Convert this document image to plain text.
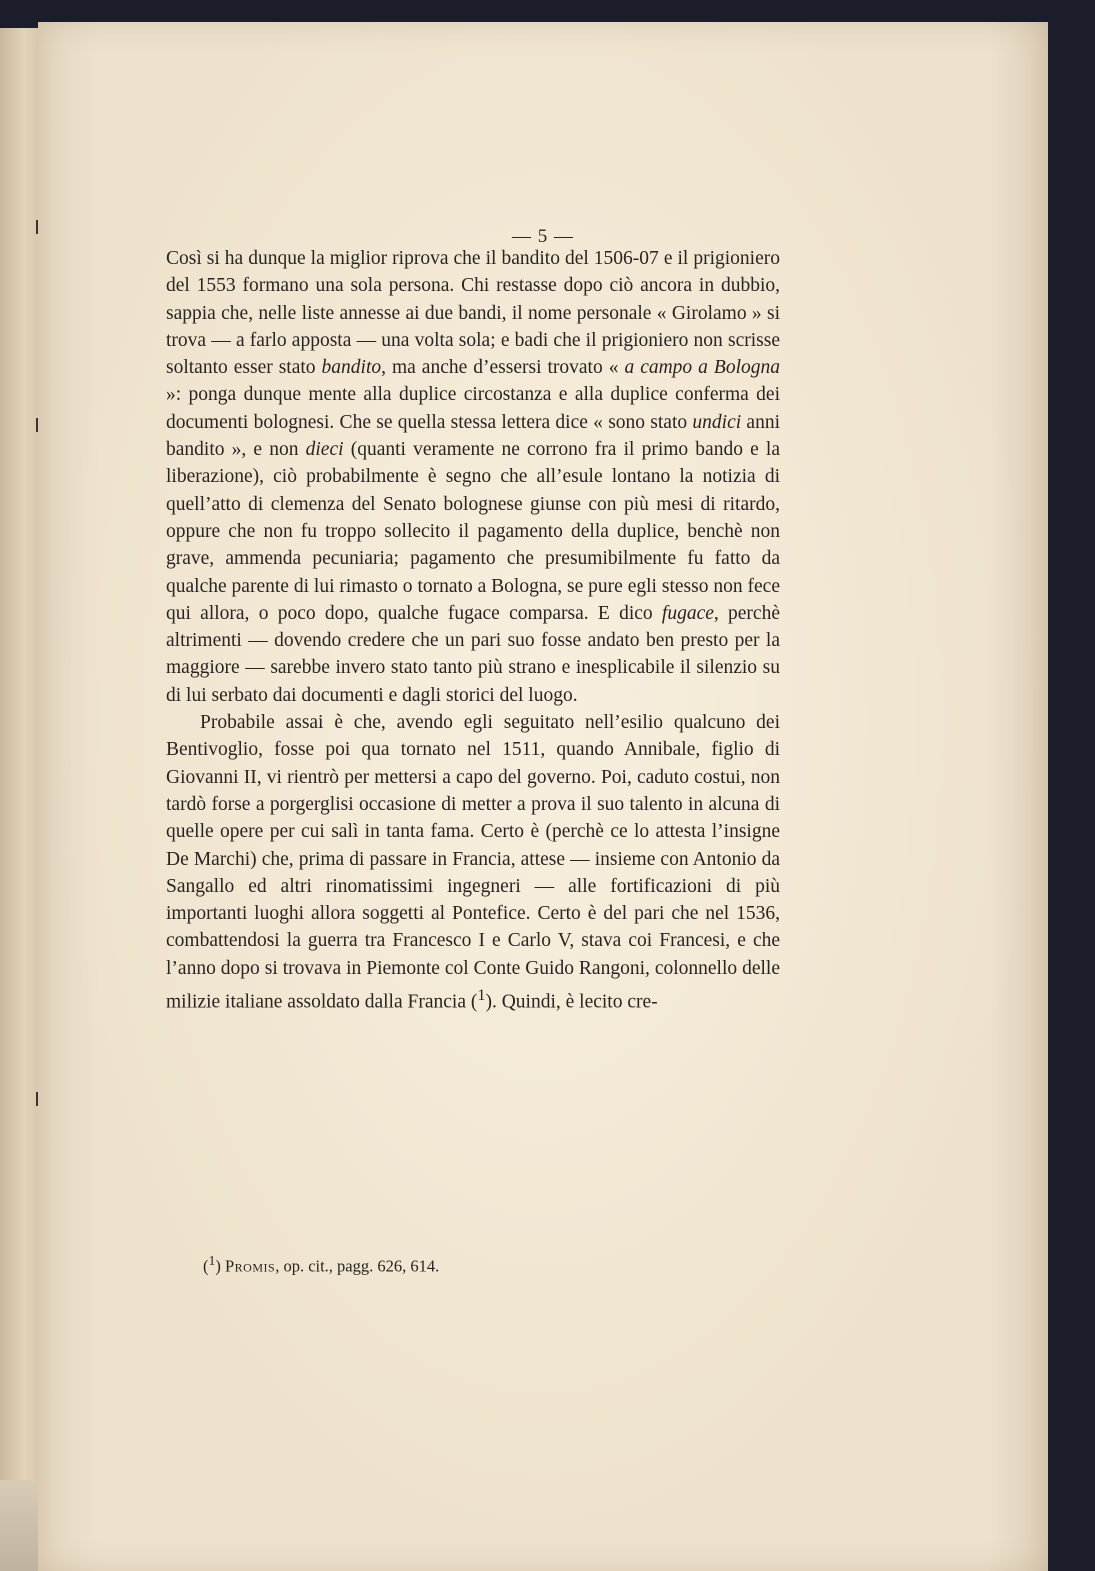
— 5 —

Così si ha dunque la miglior riprova che il bandito del 1506-07 e il prigioniero del 1553 formano una sola persona. Chi restasse dopo ciò ancora in dubbio, sappia che, nelle liste annesse ai due bandi, il nome personale « Girolamo » si trova — a farlo apposta — una volta sola; e badi che il prigioniero non scrisse soltanto esser stato bandito, ma anche d’essersi trovato « a campo a Bologna »: ponga dunque mente alla duplice circostanza e alla duplice conferma dei documenti bolognesi. Che se quella stessa lettera dice « sono stato undici anni bandito », e non dieci (quanti veramente ne corrono fra il primo bando e la liberazione), ciò probabilmente è segno che all’esule lontano la notizia di quell’atto di clemenza del Senato bolognese giunse con più mesi di ritardo, oppure che non fu troppo sollecito il pagamento della duplice, benchè non grave, ammenda pecuniaria; pagamento che presumibilmente fu fatto da qualche parente di lui rimasto o tornato a Bologna, se pure egli stesso non fece qui allora, o poco dopo, qualche fugace comparsa. E dico fugace, perchè altrimenti — dovendo credere che un pari suo fosse andato ben presto per la maggiore — sarebbe invero stato tanto più strano e inesplicabile il silenzio su di lui serbato dai documenti e dagli storici del luogo.

Probabile assai è che, avendo egli seguitato nell’esilio qualcuno dei Bentivoglio, fosse poi qua tornato nel 1511, quando Annibale, figlio di Giovanni II, vi rientrò per mettersi a capo del governo. Poi, caduto costui, non tardò forse a porgerglisi occasione di metter a prova il suo talento in alcuna di quelle opere per cui salì in tanta fama. Certo è (perchè ce lo attesta l’insigne De Marchi) che, prima di passare in Francia, attese — insieme con Antonio da Sangallo ed altri rinomatissimi ingegneri — alle fortificazioni di più importanti luoghi allora soggetti al Pontefice. Certo è del pari che nel 1536, combattendosi la guerra tra Francesco I e Carlo V, stava coi Francesi, e che l’anno dopo si trovava in Piemonte col Conte Guido Rangoni, colonnello delle milizie italiane assoldato dalla Francia ($^1$). Quindi, è lecito cre-

($^1$) Promis, op. cit., pagg. 626, 614.
